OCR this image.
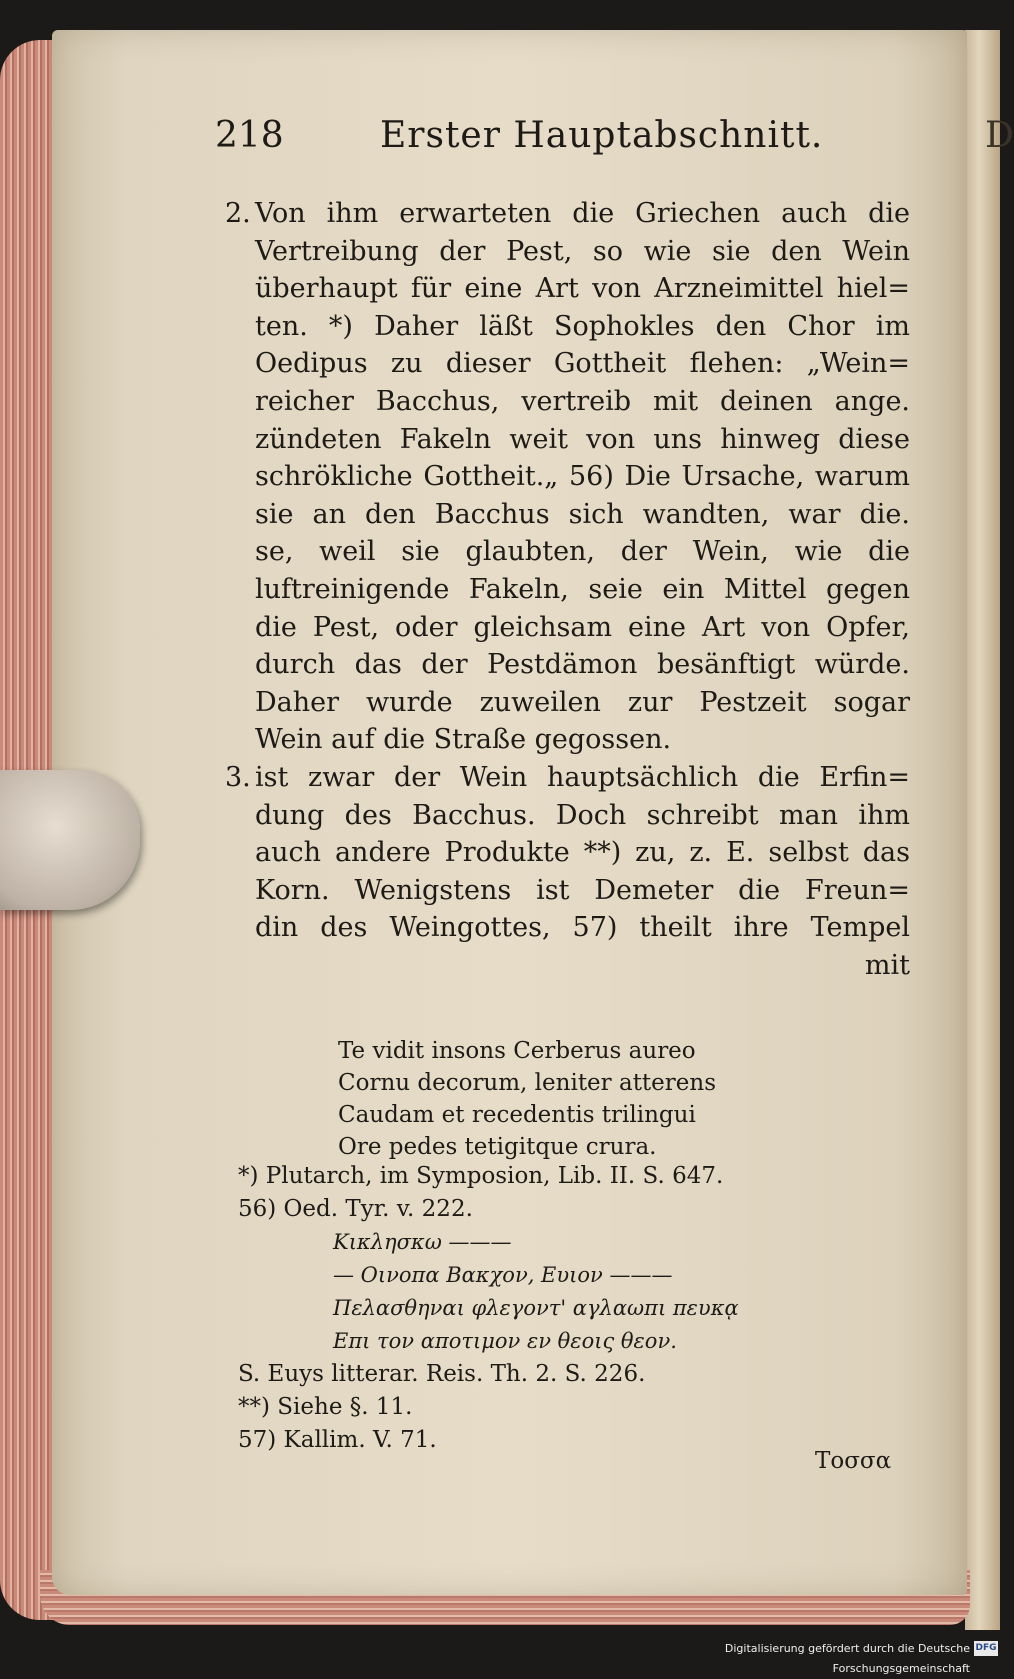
218	Erster Hauptabschnitt.	D
2. Von ihm erwarteten die Griechen auch die
Vertreibung der Pest, so wie sie den Wein
überhaupt für eine Art von Arzneimittel hiel=
ten. *) Daher läßt Sophokles den Chor im
Oedipus zu dieser Gottheit flehen: „Wein=
reicher Bacchus, vertreib mit deinen ange.
zündeten Fakeln weit von uns hinweg diese
schrökliche Gottheit.„ 56) Die Ursache, warum
sie an den Bacchus sich wandten, war die.
se, weil sie glaubten, der Wein, wie die
luftreinigende Fakeln, seie ein Mittel gegen
die Pest, oder gleichsam eine Art von Opfer,
durch das der Pestdämon besänftigt würde.
Daher wurde zuweilen zur Pestzeit sogar
Wein auf die Straße gegossen.
3. ist zwar der Wein hauptsächlich die Erfin=
dung des Bacchus. Doch schreibt man ihm
auch andere Produkte **) zu, z. E. selbst das
Korn. Wenigstens ist Demeter die Freun=
din des Weingottes, 57) theilt ihre Tempel
mit
Te vidit insons Cerberus aureo
Cornu decorum, leniter atterens
Caudam et recedentis trilingui
Ore pedes tetigitque crura.
*) Plutarch, im Symposion, Lib. II. S. 647.
56) Oed. Tyr. v. 222.
Κικλησκω ———
— Οινοπα Βακχον, Ευιον ———
Πελασθηναι φλεγοντ' αγλαωπι πευκᾳ
Επι τον αποτιμον εν θεοις θεον.
S. Euys litterar. Reis. Th. 2. S. 226.
**) Siehe §. 11.
57) Kallim. V. 71.
Τοσσα
Digitalisierung gefördert durch die Deutsche Forschungsgemeinschaft
DFG
